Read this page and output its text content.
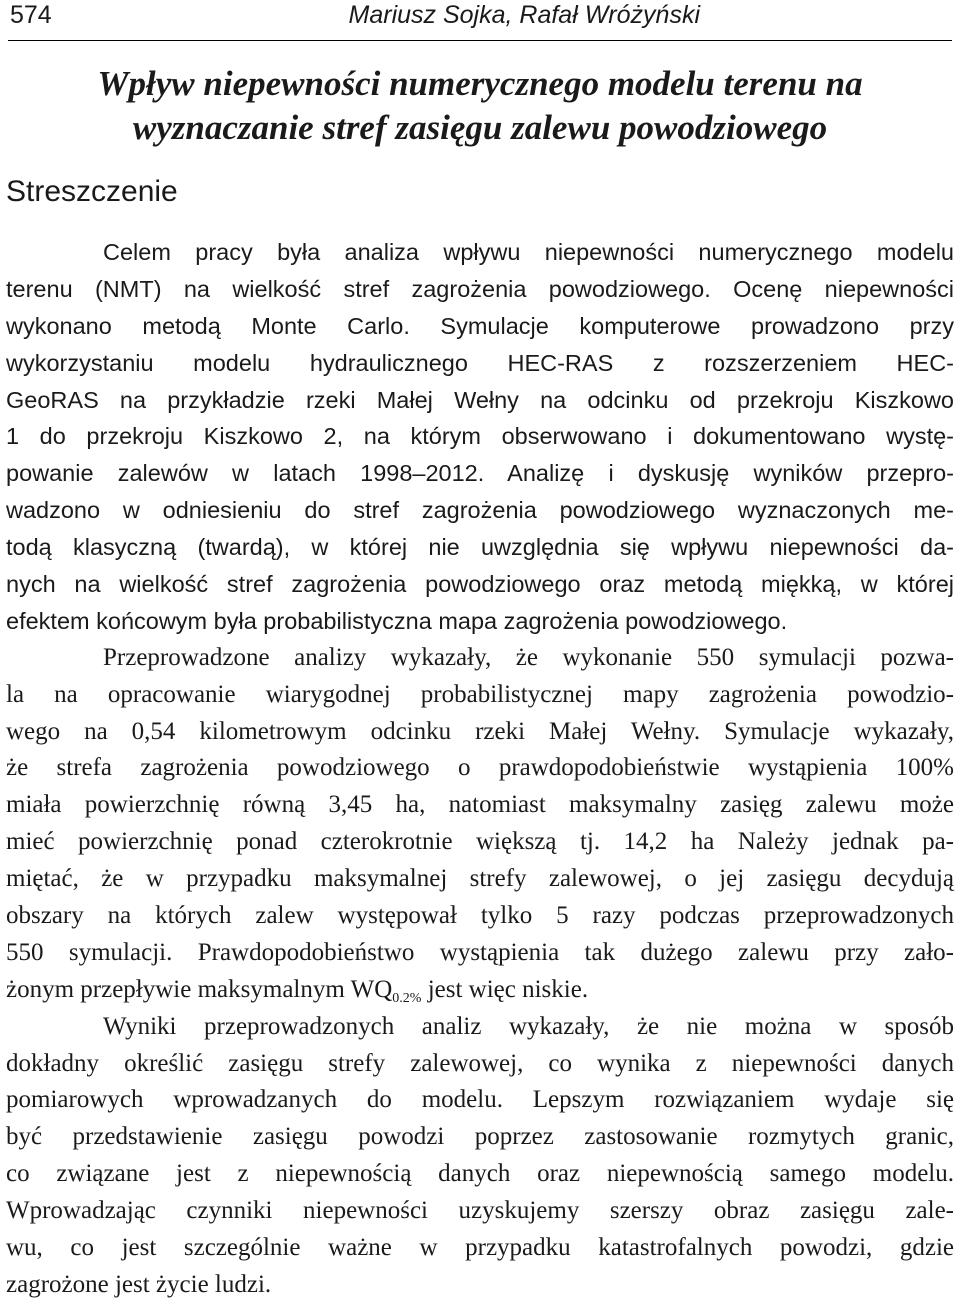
574	Mariusz Sojka, Rafał Wróżyński
Wpływ niepewności numerycznego modelu terenu na
wyznaczanie stref zasięgu zalewu powodziowego
Streszczenie
Celem pracy była analiza wpływu niepewności numerycznego modelu
terenu (NMT) na wielkość stref zagrożenia powodziowego. Ocenę niepewności
wykonano metodą Monte Carlo. Symulacje komputerowe prowadzono przy
wykorzystaniu modelu hydraulicznego HEC-RAS z rozszerzeniem HEC-
GeoRAS na przykładzie rzeki Małej Wełny na odcinku od przekroju Kiszkowo
1 do przekroju Kiszkowo 2, na którym obserwowano i dokumentowano wystę-
powanie zalewów w latach 1998–2012. Analizę i dyskusję wyników przepro-
wadzono w odniesieniu do stref zagrożenia powodziowego wyznaczonych me-
todą klasyczną (twardą), w której nie uwzględnia się wpływu niepewności da-
nych na wielkość stref zagrożenia powodziowego oraz metodą miękką, w której
efektem końcowym była probabilistyczna mapa zagrożenia powodziowego.
Przeprowadzone analizy wykazały, że wykonanie 550 symulacji pozwa-
la na opracowanie wiarygodnej probabilistycznej mapy zagrożenia powodzio-
wego na 0,54 kilometrowym odcinku rzeki Małej Wełny. Symulacje wykazały,
że strefa zagrożenia powodziowego o prawdopodobieństwie wystąpienia 100%
miała powierzchnię równą 3,45 ha, natomiast maksymalny zasięg zalewu może
mieć powierzchnię ponad czterokrotnie większą tj. 14,2 ha Należy jednak pa-
miętać, że w przypadku maksymalnej strefy zalewowej, o jej zasięgu decydują
obszary na których zalew występował tylko 5 razy podczas przeprowadzonych
550 symulacji. Prawdopodobieństwo wystąpienia tak dużego zalewu przy zało-
żonym przepływie maksymalnym $WQ_{0.2\%}$ jest więc niskie.
Wyniki przeprowadzonych analiz wykazały, że nie można w sposób
dokładny określić zasięgu strefy zalewowej, co wynika z niepewności danych
pomiarowych wprowadzanych do modelu. Lepszym rozwiązaniem wydaje się
być przedstawienie zasięgu powodzi poprzez zastosowanie rozmytych granic,
co związane jest z niepewnością danych oraz niepewnością samego modelu.
Wprowadzając czynniki niepewności uzyskujemy szerszy obraz zasięgu zale-
wu, co jest szczególnie ważne w przypadku katastrofalnych powodzi, gdzie
zagrożone jest życie ludzi.
